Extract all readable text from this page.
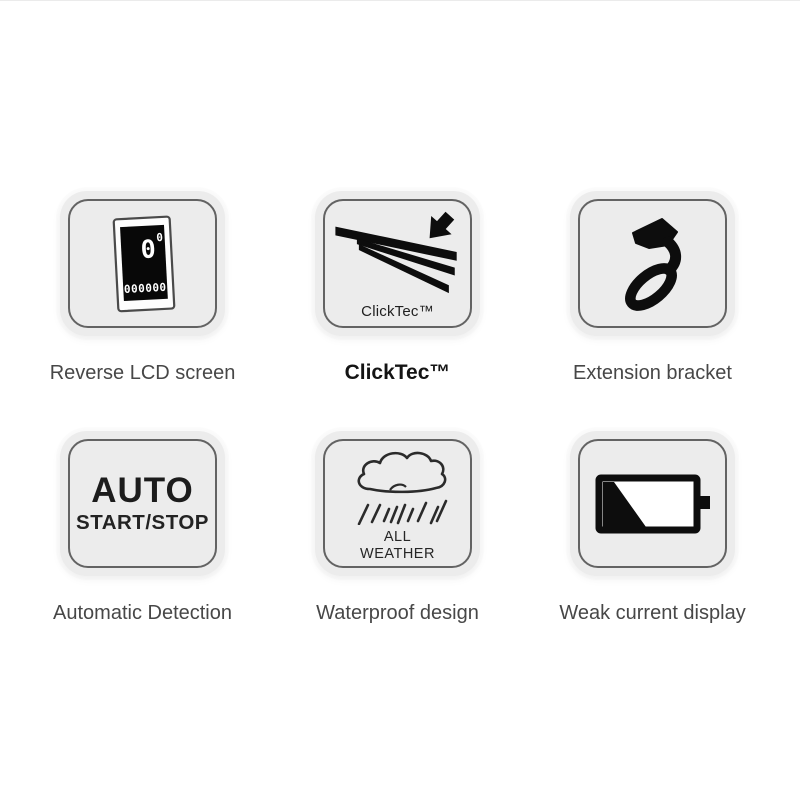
0 0
000000
Reverse LCD screen
ClickTec™
ClickTec™	Extension bracket
AUTO
START/STOP
Automatic Detection
ALL
WEATHER
Waterproof design	Weak current display
